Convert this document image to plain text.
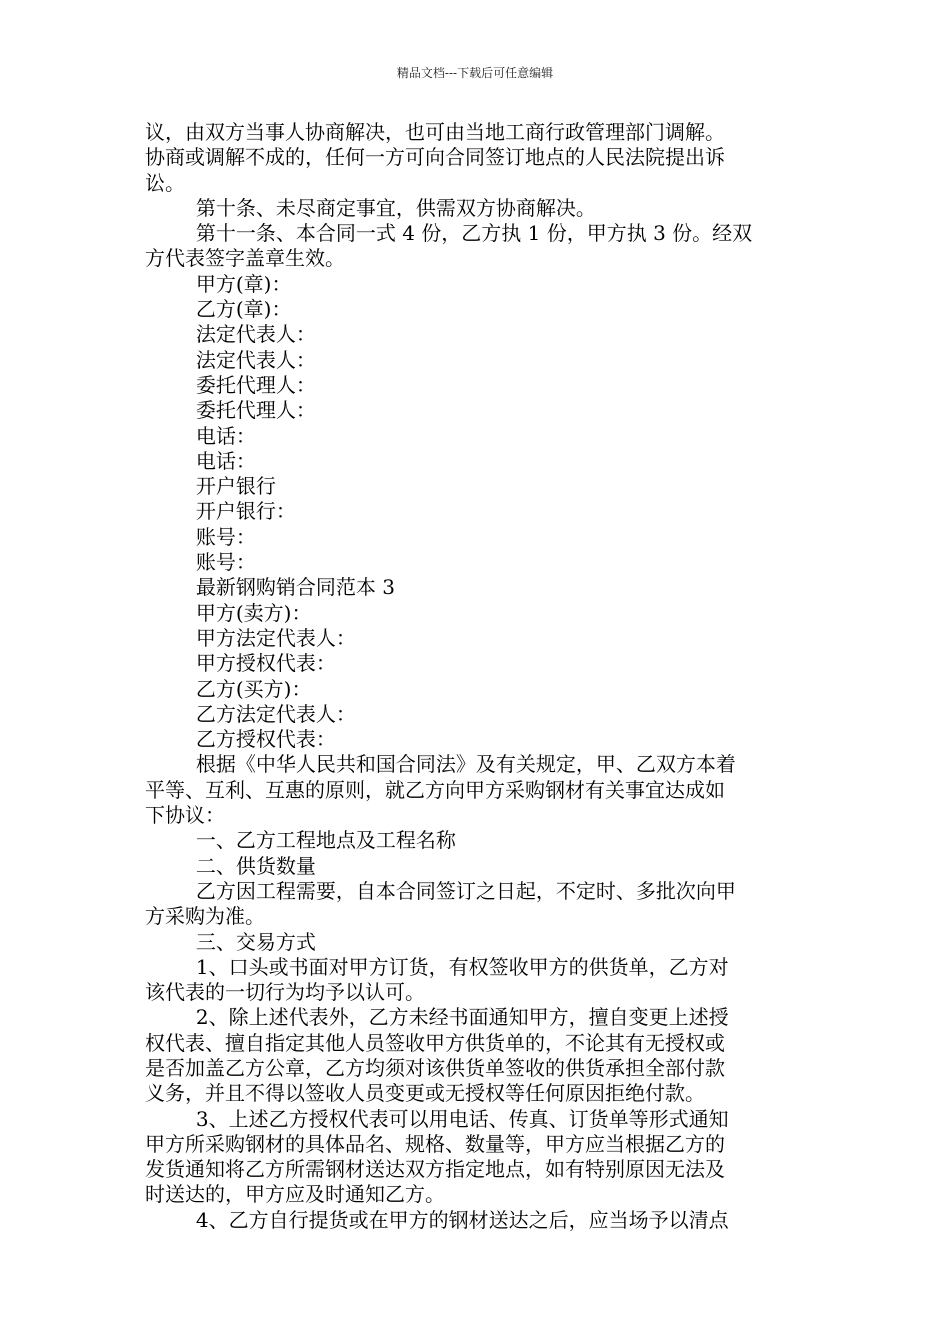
精品文档---下载后可任意编辑
议，由双方当事人协商解决，也可由当地工商行政管理部门调解。
协商或调解不成的，任何一方可向合同签订地点的人民法院提出诉
讼。
第十条、未尽商定事宜，供需双方协商解决。
第十一条、本合同一式 4 份，乙方执 1 份，甲方执 3 份。经双
方代表签字盖章生效。
甲方(章)：
乙方(章)：
法定代表人：
法定代表人：
委托代理人：
委托代理人：
电话：
电话：
开户银行
开户银行：
账号：
账号：
最新钢购销合同范本 3
甲方(卖方)：
甲方法定代表人：
甲方授权代表：
乙方(买方)：
乙方法定代表人：
乙方授权代表：
根据《中华人民共和国合同法》及有关规定，甲、乙双方本着
平等、互利、互惠的原则，就乙方向甲方采购钢材有关事宜达成如
下协议：
一、乙方工程地点及工程名称
二、供货数量
乙方因工程需要，自本合同签订之日起，不定时、多批次向甲
方采购为准。
三、交易方式
1、口头或书面对甲方订货，有权签收甲方的供货单，乙方对
该代表的一切行为均予以认可。
2、除上述代表外，乙方未经书面通知甲方，擅自变更上述授
权代表、擅自指定其他人员签收甲方供货单的，不论其有无授权或
是否加盖乙方公章，乙方均须对该供货单签收的供货承担全部付款
义务，并且不得以签收人员变更或无授权等任何原因拒绝付款。
3、上述乙方授权代表可以用电话、传真、订货单等形式通知
甲方所采购钢材的具体品名、规格、数量等，甲方应当根据乙方的
发货通知将乙方所需钢材送达双方指定地点，如有特别原因无法及
时送达的，甲方应及时通知乙方。
4、乙方自行提货或在甲方的钢材送达之后，应当场予以清点
